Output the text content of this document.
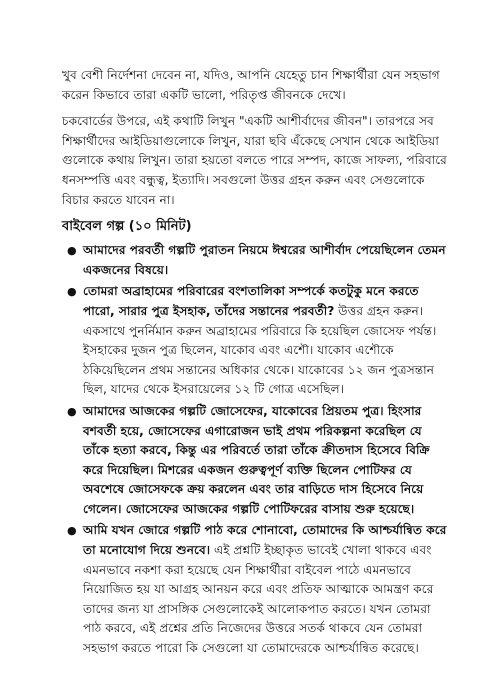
খুব বেশী নির্দেশনা দেবেন না, যদিও, আপনি যেহেতু চান শিক্ষার্থীরা যেন সহভাগ করেন কিভাবে তারা একটি ভালো, পরিতৃপ্ত জীবনকে দেখে।

চকবোর্ডের উপরে, এই কথাটি লিখুন "একটি আশীর্বাদের জীবন"। তারপরে সব শিক্ষার্থীদের আইডিয়াগুলোকে লিখুন, যারা ছবি এঁকেছে সেখান থেকে আইডিয়া গুলোকে কথায় লিখুন। তারা হয়তো বলতে পারে সম্পদ, কাজে সাফল্য, পরিবারে ধনসম্পত্তি এবং বন্ধুত্ব, ইত্যাদি। সবগুলো উত্তর গ্রহন করুন এবং সেগুলোকে বিচার করতে যাবেন না।

বাইবেল গল্প (১০ মিনিট)
● আমাদের পরবর্তী গল্পটি পুরাতন নিয়মে ঈশ্বরের আশীর্বাদ পেয়েছিলেন তেমন একজনের বিষয়ে।
● তোমরা অব্রাহামের পরিবারের বংশতালিকা সম্পর্কে কতটুকু মনে করতে পারো, সারার পুত্র ইসহাক, তাঁদের সন্তানের পরবর্তী? উত্তর গ্রহন করুন। একসাথে পুনর্নিমান করুন অব্রাহামের পরিবারে কি হয়েছিল জোসেফ পর্যন্ত। ইসহাকের দুজন পুত্র ছিলেন, যাকোব এবং এশৌ। যাকোব এশৌকে ঠকিয়েছিলেন প্রথম সন্তানের অধিকার থেকে। যাকোবের ১২ জন পুত্রসন্তান ছিল, যাদের থেকে ইসরায়েলের ১২ টি গোত্র এসেছিল।
● আমাদের আজকের গল্পটি জোসেফের, যাকোবের প্রিয়তম পুত্র। হিংসার বশবর্তী হয়ে, জোসেফের এগারোজন ভাই প্রথম পরিকল্পনা করেছিল যে তাঁকে হত্যা করবে, কিন্তু এর পরিবর্তে তারা তাঁকে ক্রীতদাস হিসেবে বিক্রি করে দিয়েছিল। মিশরের একজন গুরুত্বপূর্ণ ব্যক্তি ছিলেন পোটিফর যে অবশেষে জোসেফকে ক্রয় করলেন এবং তার বাড়িতে দাস হিসেবে নিয়ে গেলেন। জোসেফের আজকের গল্পটি পোটিফরের বাসায় শুরু হয়েছে।
● আমি যখন জোরে গল্পটি পাঠ করে শোনাবো, তোমাদের কি আশ্চর্যান্বিত করে তা মনোযোগ দিয়ে শুনবে। এই প্রশ্নটি ইচ্ছাকৃত ভাবেই খোলা থাকবে এবং এমনভাবে নকশা করা হয়েছে যেন শিক্ষার্থীরা বাইবেল পাঠে এমনভাবে নিয়োজিত হয় যা আগ্রহ আনয়ন করে এবং প্রতিফ আত্মাকে আমন্ত্রণ করে তাদের জন্য যা প্রাসঙ্গিক সেগুলোকেই আলোকপাত করতে। যখন তোমরা পাঠ করবে, এই প্রশ্নের প্রতি নিজেদের উত্তরে সতর্ক থাকবে যেন তোমরা সহভাগ করতে পারো কি সেগুলো যা তোমাদেরকে আশ্চর্যান্বিত করেছে।
